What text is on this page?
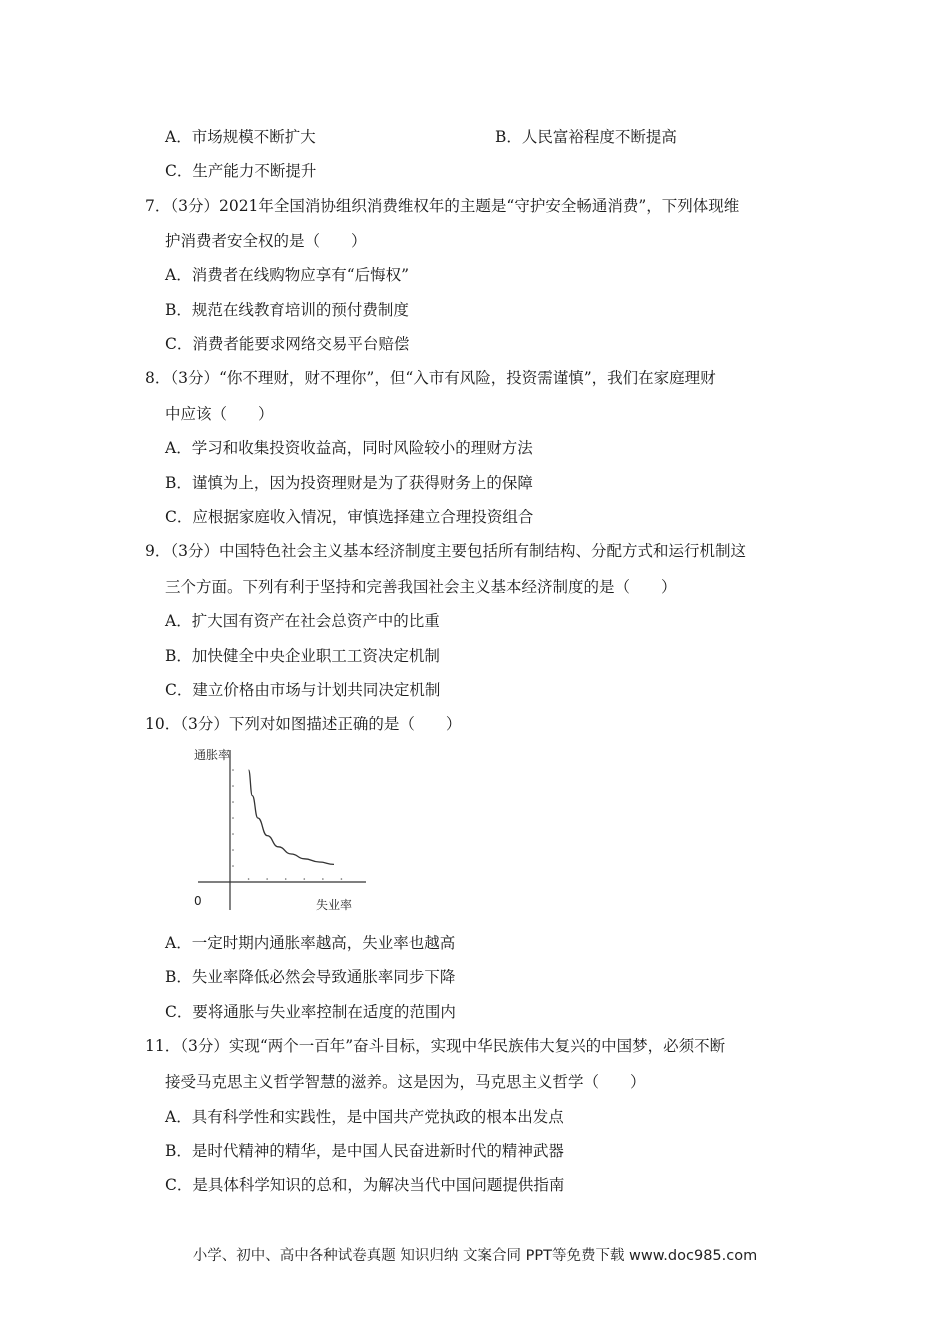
A．市场规模不断扩大	B．人民富裕程度不断提高
C．生产能力不断提升
7．（3分）2021年全国消协组织消费维权年的主题是“守护安全畅通消费”，下列体现维
护消费者安全权的是（　　）
A．消费者在线购物应享有“后悔权”
B．规范在线教育培训的预付费制度
C．消费者能要求网络交易平台赔偿
8．（3分）“你不理财，财不理你”，但“入市有风险，投资需谨慎”，我们在家庭理财
中应该（　　）
A．学习和收集投资收益高，同时风险较小的理财方法
B．谨慎为上，因为投资理财是为了获得财务上的保障
C．应根据家庭收入情况，审慎选择建立合理投资组合
9．（3分）中国特色社会主义基本经济制度主要包括所有制结构、分配方式和运行机制这
三个方面。下列有利于坚持和完善我国社会主义基本经济制度的是（　　）
A．扩大国有资产在社会总资产中的比重
B．加快健全中央企业职工工资决定机制
C．建立价格由市场与计划共同决定机制
10．（3分）下列对如图描述正确的是（　　）
通胀率
0	失业率
A．一定时期内通胀率越高，失业率也越高
B．失业率降低必然会导致通胀率同步下降
C．要将通胀与失业率控制在适度的范围内
11．（3分）实现“两个一百年”奋斗目标，实现中华民族伟大复兴的中国梦，必须不断
接受马克思主义哲学智慧的滋养。这是因为，马克思主义哲学（　　）
A．具有科学性和实践性，是中国共产党执政的根本出发点
B．是时代精神的精华，是中国人民奋进新时代的精神武器
C．是具体科学知识的总和，为解决当代中国问题提供指南
小学、初中、高中各种试卷真题 知识归纳 文案合同 PPT等免费下载 www.doc985.com
